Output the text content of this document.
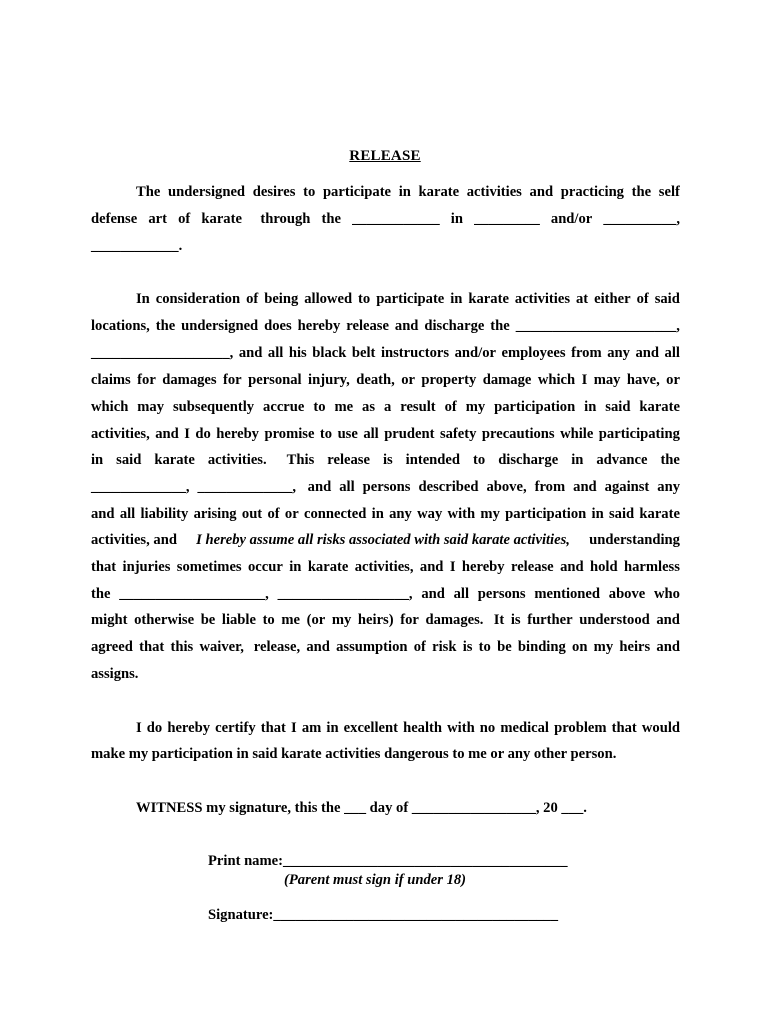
RELEASE
The undersigned desires to participate in karate activities and practicing the self
defense art of karate through the ____________ in _________ and/or __________,
____________.
In consideration of being allowed to participate in karate activities at either of said
locations, the undersigned does hereby release and discharge the ______________________,
___________________, and all his black belt instructors and/or employees from any and all
claims for damages for personal injury, death, or property damage which I may have, or
which may subsequently accrue to me as a result of my participation in said karate
activities, and I do hereby promise to use all prudent safety precautions while participating
in said karate activities. This release is intended to discharge in advance the
_____________, _____________, and all persons described above, from and against any
and all liability arising out of or connected in any way with my participation in said karate
activities, and I hereby assume all risks associated with said karate activities, understanding
that injuries sometimes occur in karate activities, and I hereby release and hold harmless
the ____________________, __________________, and all persons mentioned above who
might otherwise be liable to me (or my heirs) for damages. It is further understood and
agreed that this waiver, release, and assumption of risk is to be binding on my heirs and
assigns.
I do hereby certify that I am in excellent health with no medical problem that would
make my participation in said karate activities dangerous to me or any other person.
WITNESS my signature, this the ___ day of _________________, 20 ___.
Print name:_______________________________________
(Parent must sign if under 18)
Signature:_______________________________________
